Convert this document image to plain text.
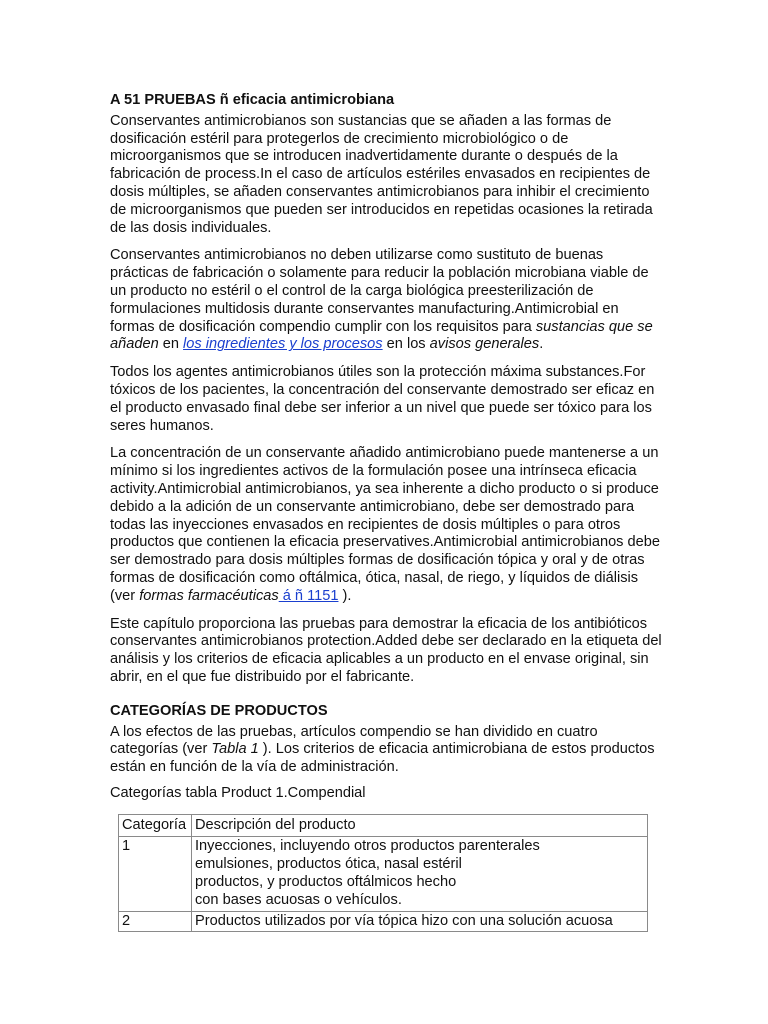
A 51 PRUEBAS ñ eficacia antimicrobiana

Conservantes antimicrobianos son sustancias que se añaden a las formas de dosificación estéril para protegerlos de crecimiento microbiológico o de microorganismos que se introducen inadvertidamente durante o después de la fabricación de process.In el caso de artículos estériles envasados en recipientes de dosis múltiples, se añaden conservantes antimicrobianos para inhibir el crecimiento de microorganismos que pueden ser introducidos en repetidas ocasiones la retirada de las dosis individuales.

Conservantes antimicrobianos no deben utilizarse como sustituto de buenas prácticas de fabricación o solamente para reducir la población microbiana viable de un producto no estéril o el control de la carga biológica preesterilización de formulaciones multidosis durante conservantes manufacturing.Antimicrobial en formas de dosificación compendio cumplir con los requisitos para sustancias que se añaden en los ingredientes y los procesos en los avisos generales.

Todos los agentes antimicrobianos útiles son la protección máxima substances.For tóxicos de los pacientes, la concentración del conservante demostrado ser eficaz en el producto envasado final debe ser inferior a un nivel que puede ser tóxico para los seres humanos.

La concentración de un conservante añadido antimicrobiano puede mantenerse a un mínimo si los ingredientes activos de la formulación posee una intrínseca eficacia activity.Antimicrobial antimicrobianos, ya sea inherente a dicho producto o si produce debido a la adición de un conservante antimicrobiano, debe ser demostrado para todas las inyecciones envasados en recipientes de dosis múltiples o para otros productos que contienen la eficacia preservatives.Antimicrobial antimicrobianos debe ser demostrado para dosis múltiples formas de dosificación tópica y oral y de otras formas de dosificación como oftálmica, ótica, nasal, de riego, y líquidos de diálisis (ver formas farmacéuticas á ñ 1151 ).

Este capítulo proporciona las pruebas para demostrar la eficacia de los antibióticos conservantes antimicrobianos protection.Added debe ser declarado en la etiqueta del análisis y los criterios de eficacia aplicables a un producto en el envase original, sin abrir, en el que fue distribuido por el fabricante.

CATEGORÍAS DE PRODUCTOS

A los efectos de las pruebas, artículos compendio se han dividido en cuatro categorías (ver Tabla 1 ). Los criterios de eficacia antimicrobiana de estos productos están en función de la vía de administración.

Categorías tabla Product 1.Compendial

Categoría	Descripción del producto
1	Inyecciones, incluyendo otros productos parenterales
emulsiones, productos ótica, nasal estéril
productos, y productos oftálmicos hecho
con bases acuosas o vehículos.

2	Productos utilizados por vía tópica hizo con una solución acuosa
